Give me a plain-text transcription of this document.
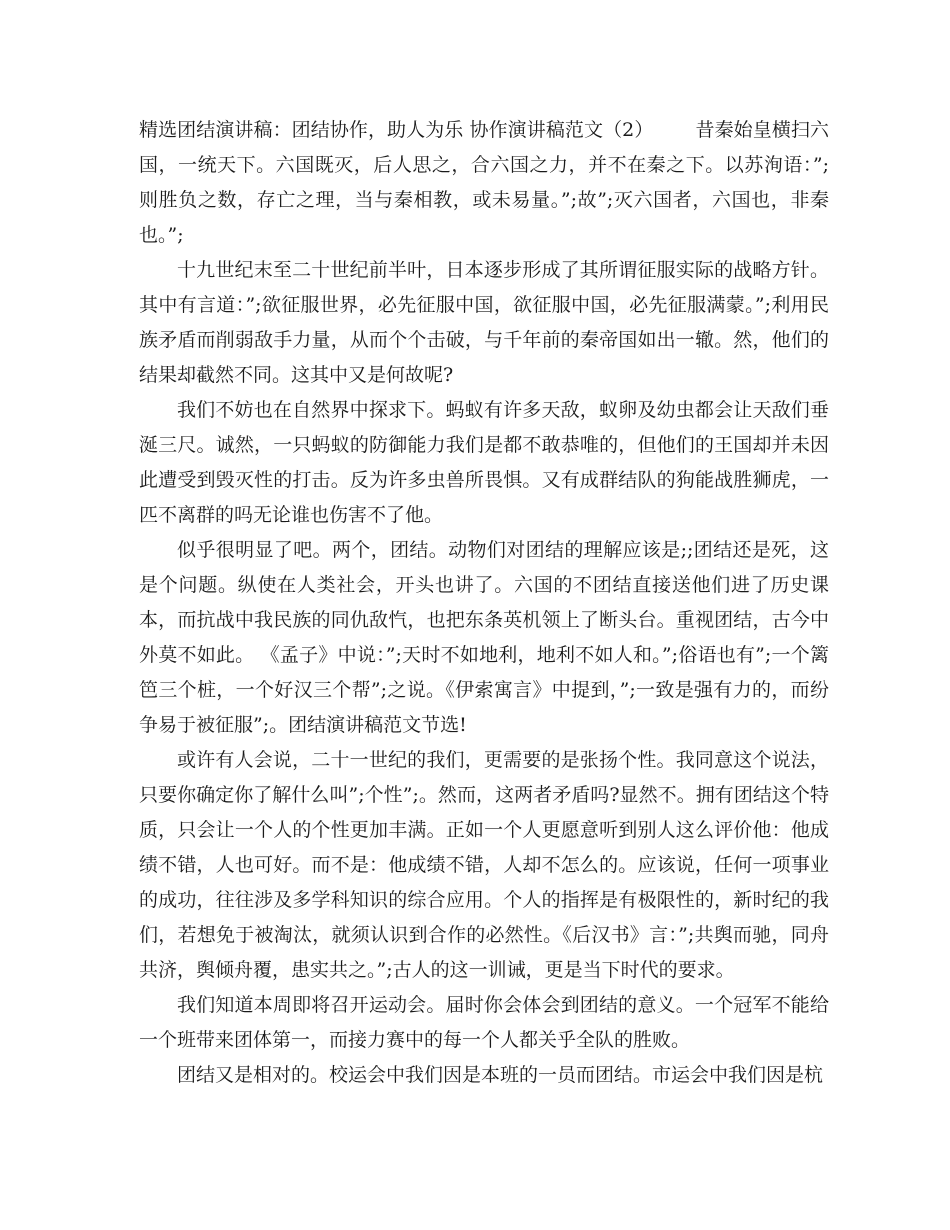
精选团结演讲稿：团结协作，助人为乐 协作演讲稿范文（2） 昔秦始皇横扫六国，一统天下。六国既灭，后人思之，合六国之力，并不在秦之下。以苏洵语：”;则胜负之数，存亡之理，当与秦相教，或未易量。”;故”;灭六国者，六国也，非秦也。”;

十九世纪末至二十世纪前半叶，日本逐步形成了其所谓征服实际的战略方针。其中有言道：”;欲征服世界，必先征服中国，欲征服中国，必先征服满蒙。”;利用民族矛盾而削弱敌手力量，从而个个击破，与千年前的秦帝国如出一辙。然，他们的结果却截然不同。这其中又是何故呢?

我们不妨也在自然界中探求下。蚂蚁有许多天敌，蚁卵及幼虫都会让天敌们垂涎三尺。诚然，一只蚂蚁的防御能力我们是都不敢恭唯的，但他们的王国却并未因此遭受到毁灭性的打击。反为许多虫兽所畏惧。又有成群结队的狗能战胜狮虎，一匹不离群的吗无论谁也伤害不了他。

似乎很明显了吧。两个，团结。动物们对团结的理解应该是;;团结还是死，这是个问题。纵使在人类社会，开头也讲了。六国的不团结直接送他们进了历史课本，而抗战中我民族的同仇敌忾，也把东条英机领上了断头台。重视团结，古今中外莫不如此。 《孟子》中说：”;天时不如地利，地利不如人和。”;俗语也有”;一个篱笆三个桩，一个好汉三个帮”;之说。《伊索寓言》中提到，”;一致是强有力的，而纷争易于被征服”;。团结演讲稿范文节选!

或许有人会说，二十一世纪的我们，更需要的是张扬个性。我同意这个说法，只要你确定你了解什么叫”;个性”;。然而，这两者矛盾吗?显然不。拥有团结这个特质，只会让一个人的个性更加丰满。正如一个人更愿意听到别人这么评价他：他成绩不错，人也可好。而不是：他成绩不错，人却不怎么的。应该说，任何一项事业的成功，往往涉及多学科知识的综合应用。个人的指挥是有极限性的，新时纪的我们，若想免于被淘汰，就须认识到合作的必然性。《后汉书》言：”;共舆而驰，同舟共济，舆倾舟覆，患实共之。”;古人的这一训诫，更是当下时代的要求。

我们知道本周即将召开运动会。届时你会体会到团结的意义。一个冠军不能给一个班带来团体第一，而接力赛中的每一个人都关乎全队的胜败。

团结又是相对的。校运会中我们因是本班的一员而团结。市运会中我们因是杭
